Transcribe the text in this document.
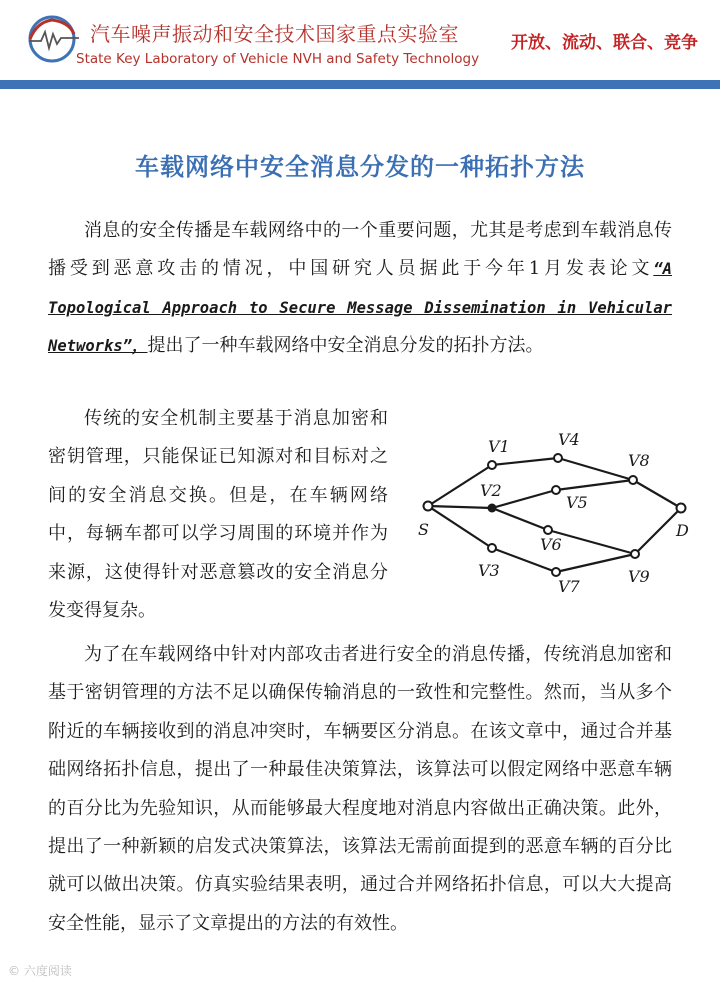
汽车噪声振动和安全技术国家重点实验室
State Key Laboratory of Vehicle NVH and Safety Technology
开放、流动、联合、竞争
车载网络中安全消息分发的一种拓扑方法

消息的安全传播是车载网络中的一个重要问题，尤其是考虑到车载消息传播受到恶意攻击的情况，中国研究人员据此于今年1月发表论文“A Topological Approach to Secure Message Dissemination in Vehicular Networks”，提出了一种车载网络中安全消息分发的拓扑方法。

传统的安全机制主要基于消息加密和密钥管理，只能保证已知源对和目标对之间的安全消息交换。但是，在车辆网络中，每辆车都可以学习周围的环境并作为来源，这使得针对恶意篡改的安全消息分发变得复杂。

S	D
V1
V2
V3
V4
V5
V6
V7
V8
V9

为了在车载网络中针对内部攻击者进行安全的消息传播，传统消息加密和基于密钥管理的方法不足以确保传输消息的一致性和完整性。然而，当从多个附近的车辆接收到的消息冲突时，车辆要区分消息。在该文章中，通过合并基础网络拓扑信息，提出了一种最佳决策算法，该算法可以假定网络中恶意车辆的百分比为先验知识，从而能够最大程度地对消息内容做出正确决策。此外，提出了一种新颖的启发式决策算法，该算法无需前面提到的恶意车辆的百分比就可以做出决策。仿真实验结果表明，通过合并网络拓扑信息，可以大大提高安全性能，显示了文章提出的方法的有效性。

© 六度阅读
